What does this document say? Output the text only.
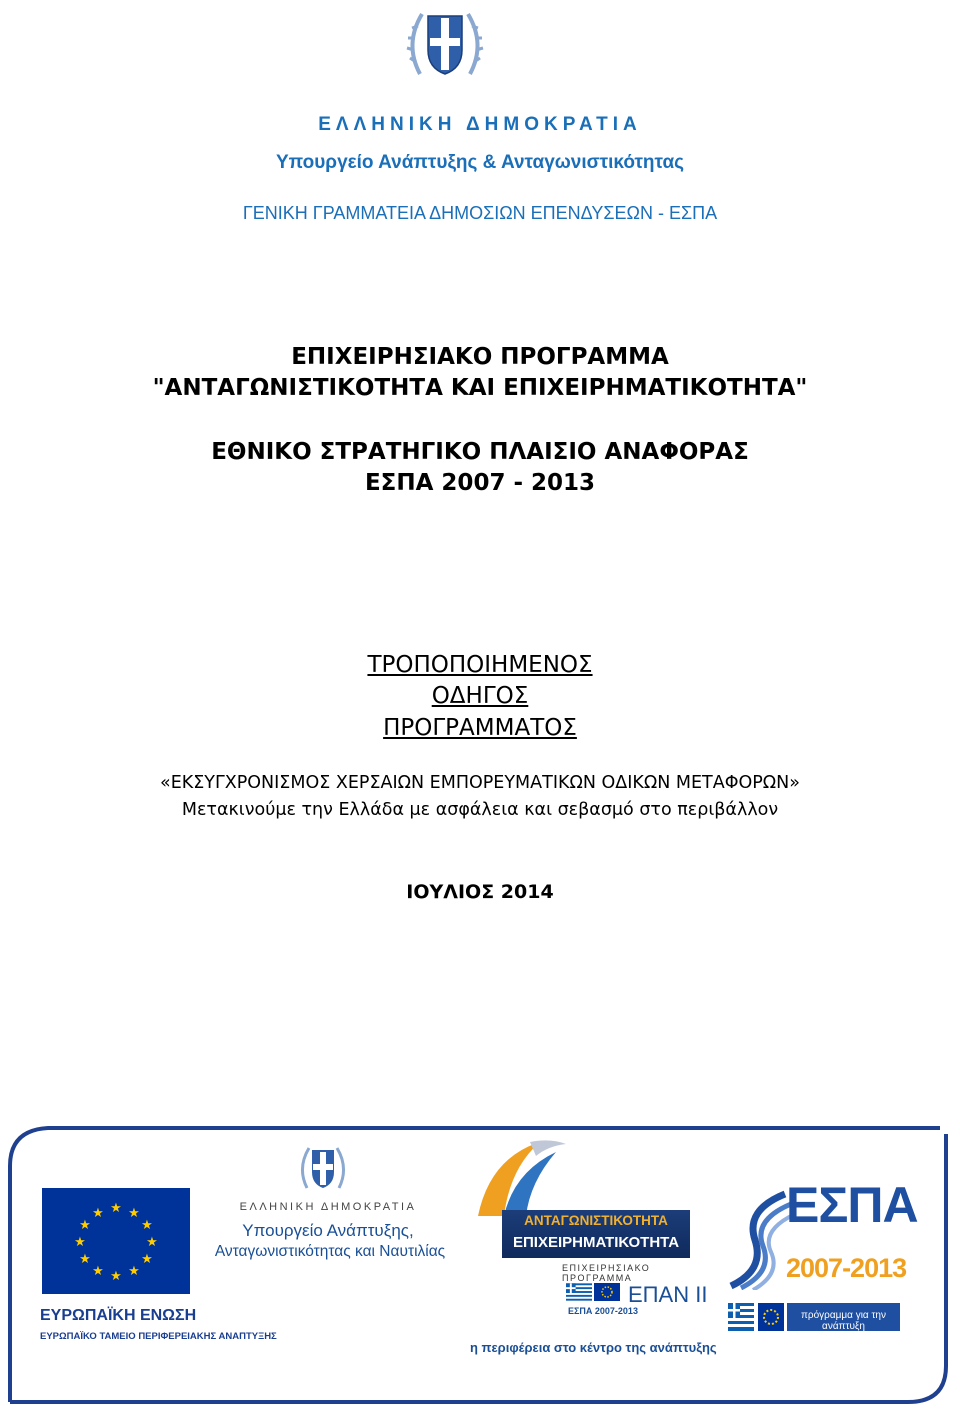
ΕΛΛΗΝΙΚΗ ΔΗΜΟΚΡΑΤΙΑ
Υπουργείο Ανάπτυξης & Ανταγωνιστικότητας
ΓΕΝΙΚΗ ΓΡΑΜΜΑΤΕΙΑ ΔΗΜΟΣΙΩΝ ΕΠΕΝΔΥΣΕΩΝ - ΕΣΠΑ
ΕΠΙΧΕΙΡΗΣΙΑΚΟ ΠΡΟΓΡΑΜΜΑ
"ΑΝΤΑΓΩΝΙΣΤΙΚΟΤΗΤΑ ΚΑΙ ΕΠΙΧΕΙΡΗΜΑΤΙΚΟΤΗΤΑ"
ΕΘΝΙΚΟ ΣΤΡΑΤΗΓΙΚΟ ΠΛΑΙΣΙΟ ΑΝΑΦΟΡΑΣ
ΕΣΠΑ 2007 - 2013
ΤΡΟΠΟΠΟΙΗΜΕΝΟΣ
ΟΔΗΓΟΣ
ΠΡΟΓΡΑΜΜΑΤΟΣ
«ΕΚΣΥΓΧΡΟΝΙΣΜΟΣ ΧΕΡΣΑΙΩΝ ΕΜΠΟΡΕΥΜΑΤΙΚΩΝ ΟΔΙΚΩΝ ΜΕΤΑΦΟΡΩΝ»
Μετακινούμε την Ελλάδα με ασφάλεια και σεβασμό στο περιβάλλον
ΙΟΥΛΙΟΣ 2014
★ ★
★
★
★
★
★
★
★
★
★
★
ΕΥΡΩΠΑΪΚΗ ΕΝΩΣΗ
ΕΥΡΩΠΑΪΚΟ ΤΑΜΕΙΟ ΠΕΡΙΦΕΡΕΙΑΚΗΣ ΑΝΑΠΤΥΞΗΣ
ΕΛΛΗΝΙΚΗ ΔΗΜΟΚΡΑΤΙΑ
Υπουργείο Ανάπτυξης,
Ανταγωνιστικότητας και Ναυτιλίας
ΑΝΤΑΓΩΝΙΣΤΙΚΟΤΗΤΑ
ΕΠΙΧΕΙΡΗΜΑΤΙΚΟΤΗΤΑ
ΕΠΙΧΕΙΡΗΣΙΑΚΟ ΠΡΟΓΡΑΜΜΑ
ΕΣΠΑ 2007-2013
ΕΠΑΝ ΙΙ
η περιφέρεια στο κέντρο της ανάπτυξης
ΕΣΠΑ
2007-2013
πρόγραμμα για την ανάπτυξη
